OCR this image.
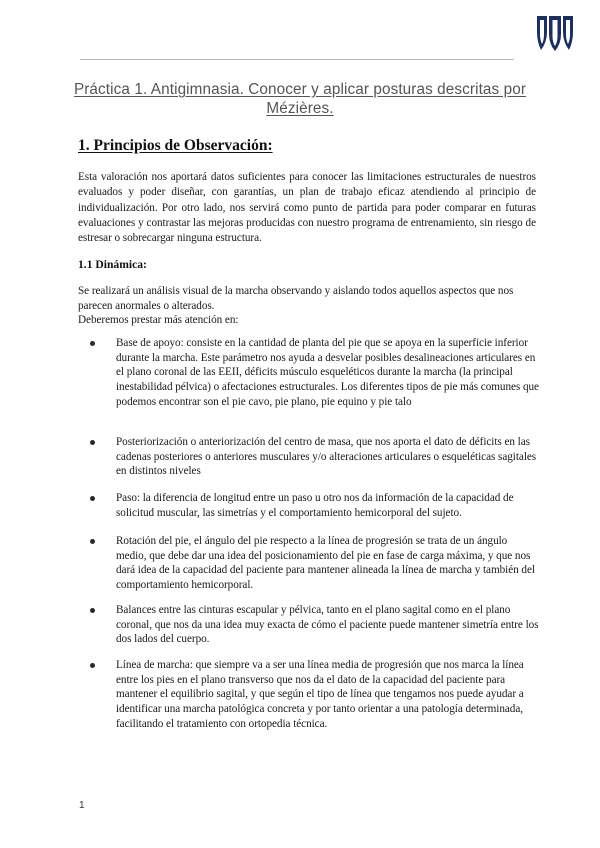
Práctica 1. Antigimnasia. Conocer y aplicar posturas descritas por Mézières.
1. Principios de Observación:

Esta valoración nos aportará datos suficientes para conocer las limitaciones estructurales de nuestros evaluados y poder diseñar, con garantías, un plan de trabajo eficaz atendiendo al principio de individualización. Por otro lado, nos servirá como punto de partida para poder comparar en futuras evaluaciones y contrastar las mejoras producidas con nuestro programa de entrenamiento, sin riesgo de estresar o sobrecargar ninguna estructura.

1.1 Dinámica:

Se realizará un análisis visual de la marcha observando y aislando todos aquellos aspectos que nos parecen anormales o alterados.
Deberemos prestar más atención en:

Base de apoyo: consiste en la cantidad de planta del pie que se apoya en la superficie inferior durante la marcha. Este parámetro nos ayuda a desvelar posibles desalineaciones articulares en el plano coronal de las EEII, déficits músculo esqueléticos durante la marcha (la principal inestabilidad pélvica) o afectaciones estructurales. Los diferentes tipos de pie más comunes que podemos encontrar son el pie cavo, pie plano, pie equino y pie talo

Posteriorización o anteriorización del centro de masa, que nos aporta el dato de déficits en las cadenas posteriores o anteriores musculares y/o alteraciones articulares o esqueléticas sagitales en distintos niveles

Paso: la diferencia de longitud entre un paso u otro nos da información de la capacidad de solicitud muscular, las simetrías y el comportamiento hemicorporal del sujeto.

Rotación del pie, el ángulo del pie respecto a la línea de progresión se trata de un ángulo medio, que debe dar una idea del posicionamiento del pie en fase de carga máxima, y que nos dará idea de la capacidad del paciente para mantener alineada la línea de marcha y también del comportamiento hemicorporal.

Balances entre las cinturas escapular y pélvica, tanto en el plano sagital como en el plano coronal, que nos da una idea muy exacta de cómo el paciente puede mantener simetría entre los dos lados del cuerpo.

Línea de marcha: que siempre va a ser una línea media de progresión que nos marca la línea entre los pies en el plano transverso que nos da el dato de la capacidad del paciente para mantener el equilibrio sagital, y que según el tipo de línea que tengamos nos puede ayudar a identificar una marcha patológica concreta y por tanto orientar a una patología determinada, facilitando el tratamiento con ortopedia técnica.

1
